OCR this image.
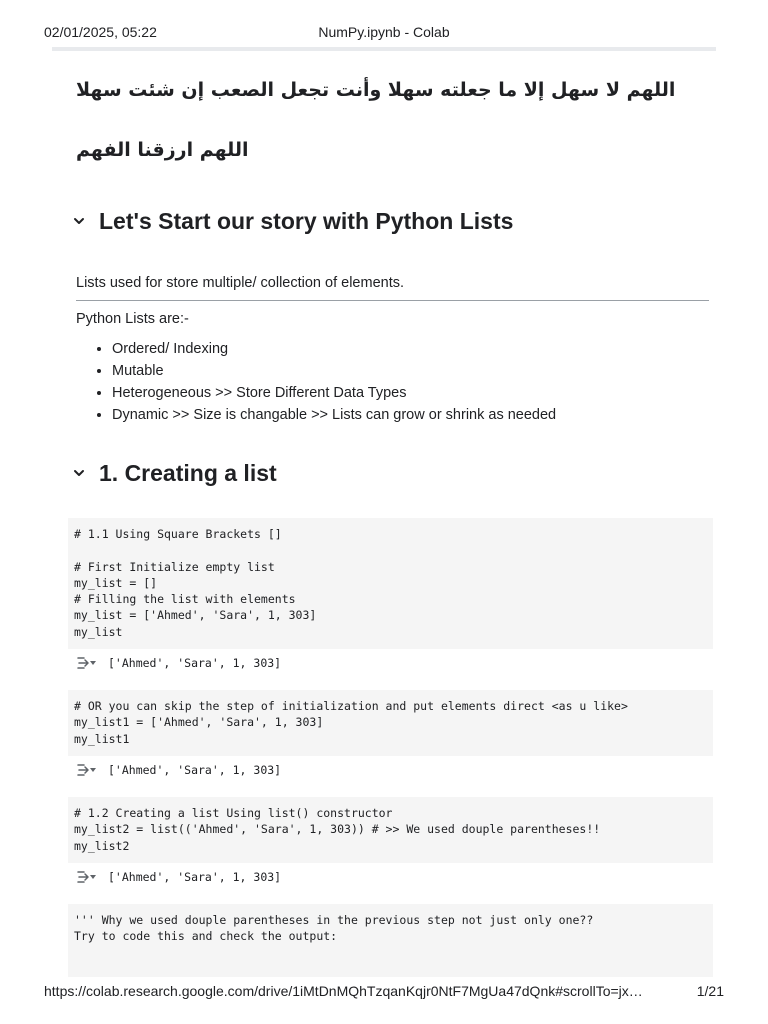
02/01/2025, 05:22	NumPy.ipynb - Colab
اللهم لا سهل إلا ما جعلته سهلا وأنت تجعل الصعب إن شئت سهلا
اللهم ارزقنا الفهم
Let's Start our story with Python Lists
Lists used for store multiple/ collection of elements.
Python Lists are:-
• Ordered/ Indexing
• Mutable
• Heterogeneous >> Store Different Data Types
• Dynamic >> Size is changable >> Lists can grow or shrink as needed
1. Creating a list
# 1.1 Using Square Brackets []

# First Initialize empty list
my_list = []
# Filling the list with elements
my_list = ['Ahmed', 'Sara', 1, 303]
my_list
['Ahmed', 'Sara', 1, 303]
# OR you can skip the step of initialization and put elements direct <as u like>
my_list1 = ['Ahmed', 'Sara', 1, 303]
my_list1
['Ahmed', 'Sara', 1, 303]
# 1.2 Creating a list Using list() constructor
my_list2 = list(('Ahmed', 'Sara', 1, 303)) # >> We used douple parentheses!!
my_list2
['Ahmed', 'Sara', 1, 303]
''' Why we used douple parentheses in the previous step not just only one??
Try to code this and check the output:
https://colab.research.google.com/drive/1iMtDnMQhTzqanKqjr0NtF7MgUa47dQnk#scrollTo=jx…	1/21
